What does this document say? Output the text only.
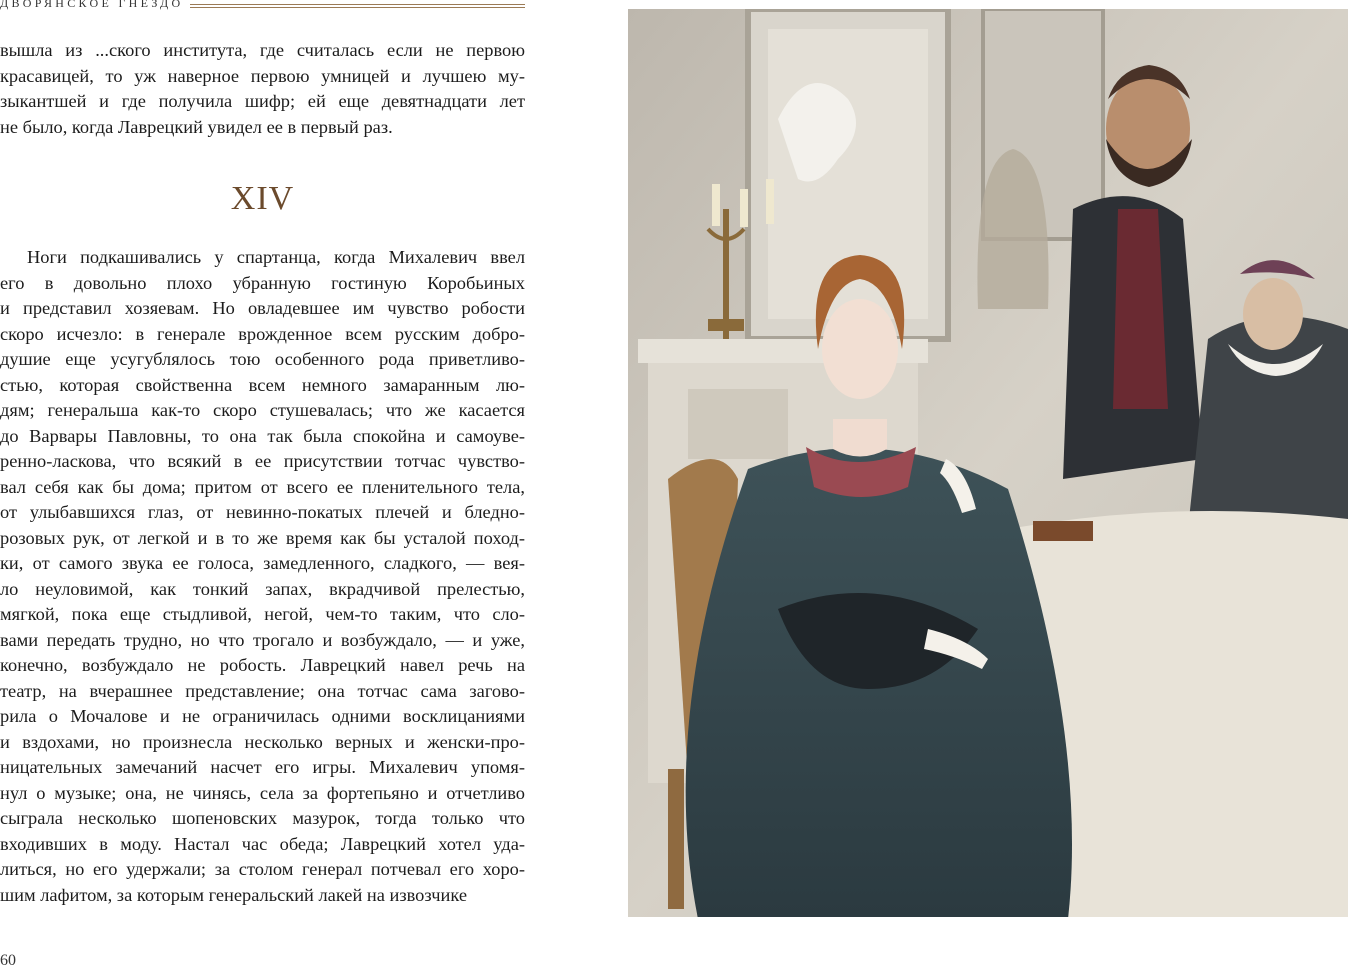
ДВОРЯНСКОЕ ГНЕЗДО
вышла из ...ского института, где считалась если не первою
красавицей, то уж наверное первою умницей и лучшею му-
зыкантшей и где получила шифр; ей еще девятнадцати лет
не было, когда Лаврецкий увидел ее в первый раз.
XIV
Ноги подкашивались у спартанца, когда Михалевич ввел
его в довольно плохо убранную гостиную Коробьиных
и представил хозяевам. Но овладевшее им чувство робости
скоро исчезло: в генерале врожденное всем русским добро-
душие еще усугублялось тою особенного рода приветливо-
стью, которая свойственна всем немного замаранным лю-
дям; генеральша как-то скоро стушевалась; что же касается
до Варвары Павловны, то она так была спокойна и самоуве-
ренно-ласкова, что всякий в ее присутствии тотчас чувство-
вал себя как бы дома; притом от всего ее пленительного тела,
от улыбавшихся глаз, от невинно-покатых плечей и бледно-
розовых рук, от легкой и в то же время как бы усталой поход-
ки, от самого звука ее голоса, замедленного, сладкого, — вея-
ло неуловимой, как тонкий запах, вкрадчивой прелестью,
мягкой, пока еще стыдливой, негой, чем-то таким, что сло-
вами передать трудно, но что трогало и возбуждало, — и уже,
конечно, возбуждало не робость. Лаврецкий навел речь на
театр, на вчерашнее представление; она тотчас сама загово-
рила о Мочалове и не ограничилась одними восклицаниями
и вздохами, но произнесла несколько верных и женски-про-
ницательных замечаний насчет его игры. Михалевич упомя-
нул о музыке; она, не чинясь, села за фортепьяно и отчетливо
сыграла несколько шопеновских мазурок, тогда только что
входивших в моду. Настал час обеда; Лаврецкий хотел уда-
литься, но его удержали; за столом генерал потчевал его хоро-
шим лафитом, за которым генеральский лакей на извозчике
60
